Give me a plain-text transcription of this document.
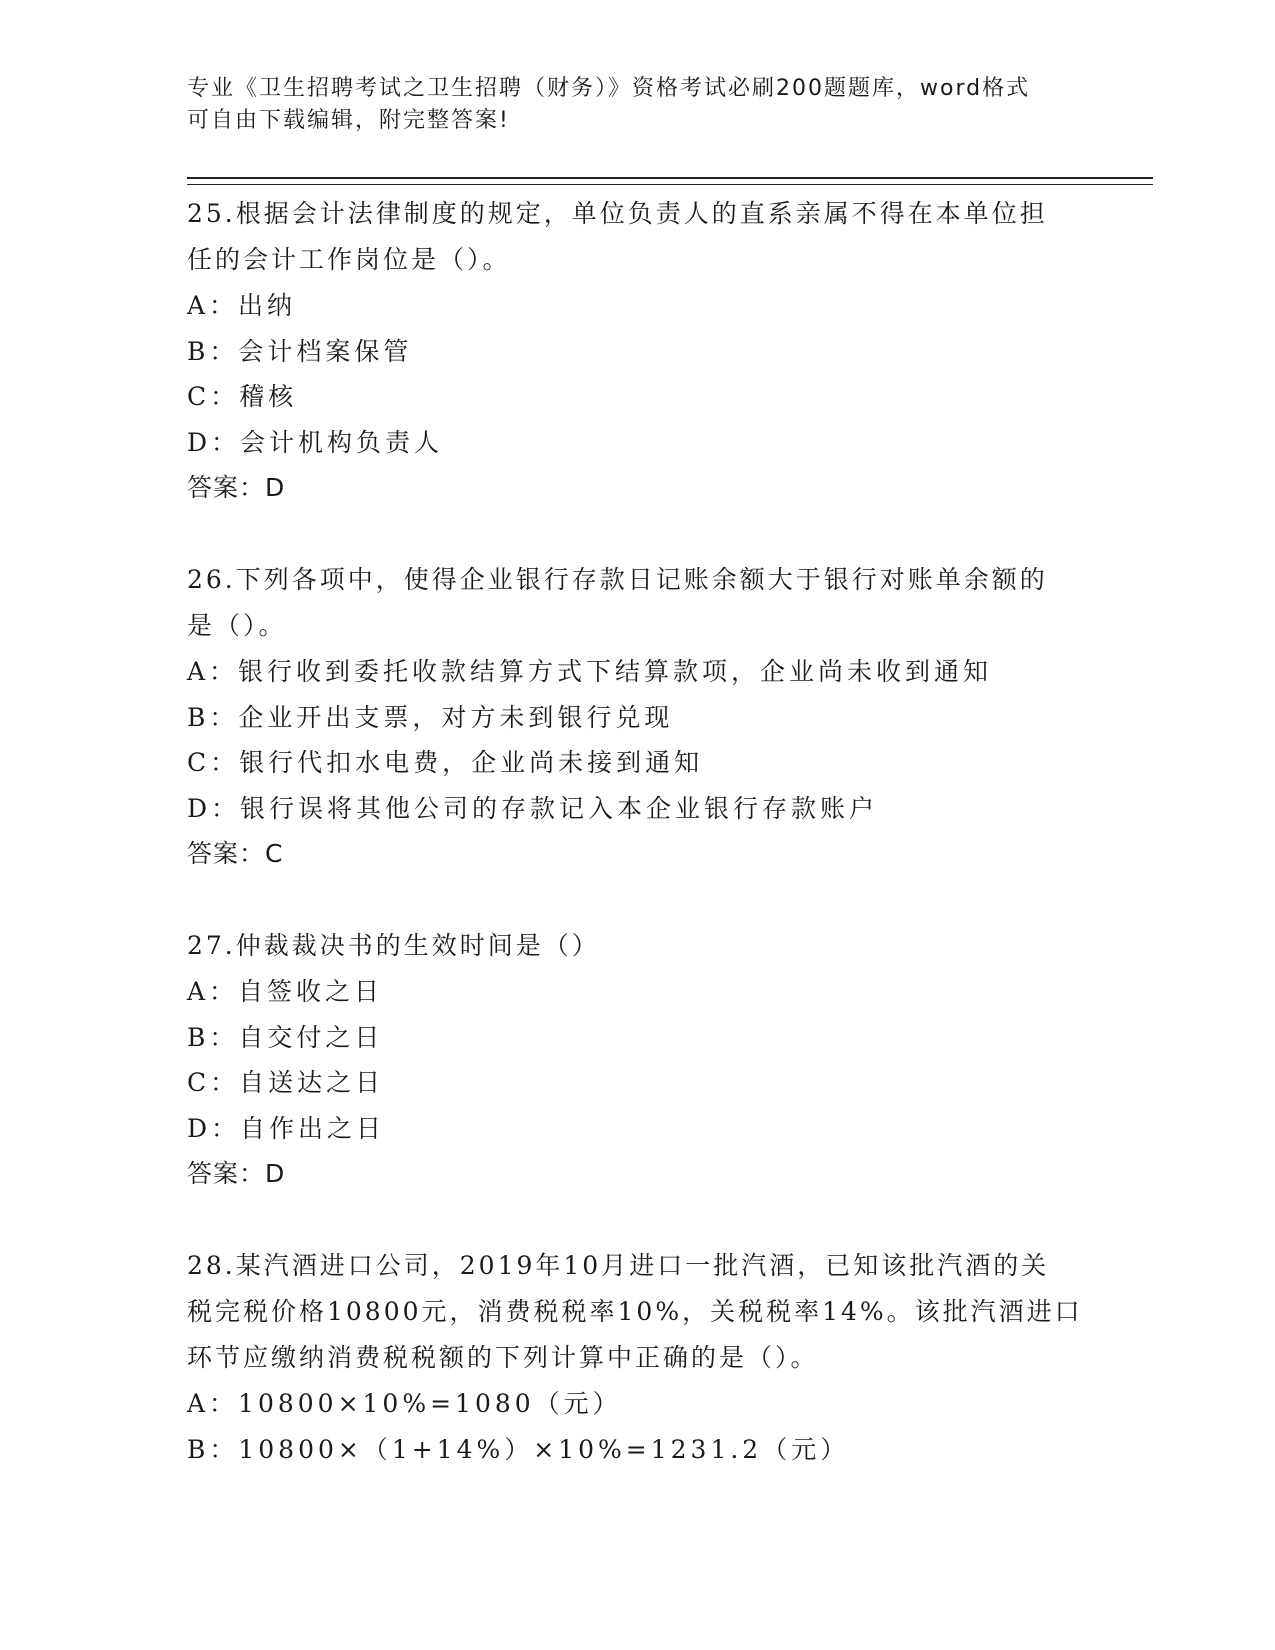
专业《卫生招聘考试之卫生招聘（财务）》资格考试必刷200题题库，word格式
可自由下载编辑，附完整答案!

25.根据会计法律制度的规定，单位负责人的直系亲属不得在本单位担

任的会计工作岗位是（）。

A：出纳

B：会计档案保管

C：稽核

D：会计机构负责人

答案：D

26.下列各项中，使得企业银行存款日记账余额大于银行对账单余额的

是（）。

A：银行收到委托收款结算方式下结算款项，企业尚未收到通知

B：企业开出支票，对方未到银行兑现

C：银行代扣水电费，企业尚未接到通知

D：银行误将其他公司的存款记入本企业银行存款账户

答案：C

27.仲裁裁决书的生效时间是（）

A：自签收之日

B：自交付之日

C：自送达之日

D：自作出之日

答案：D

28.某汽酒进口公司，2019年10月进口一批汽酒，已知该批汽酒的关

税完税价格10800元，消费税税率10%，关税税率14%。该批汽酒进口

环节应缴纳消费税税额的下列计算中正确的是（）。

A：10800×10%=1080（元）

B：10800×（1+14%）×10%=1231.2（元）
